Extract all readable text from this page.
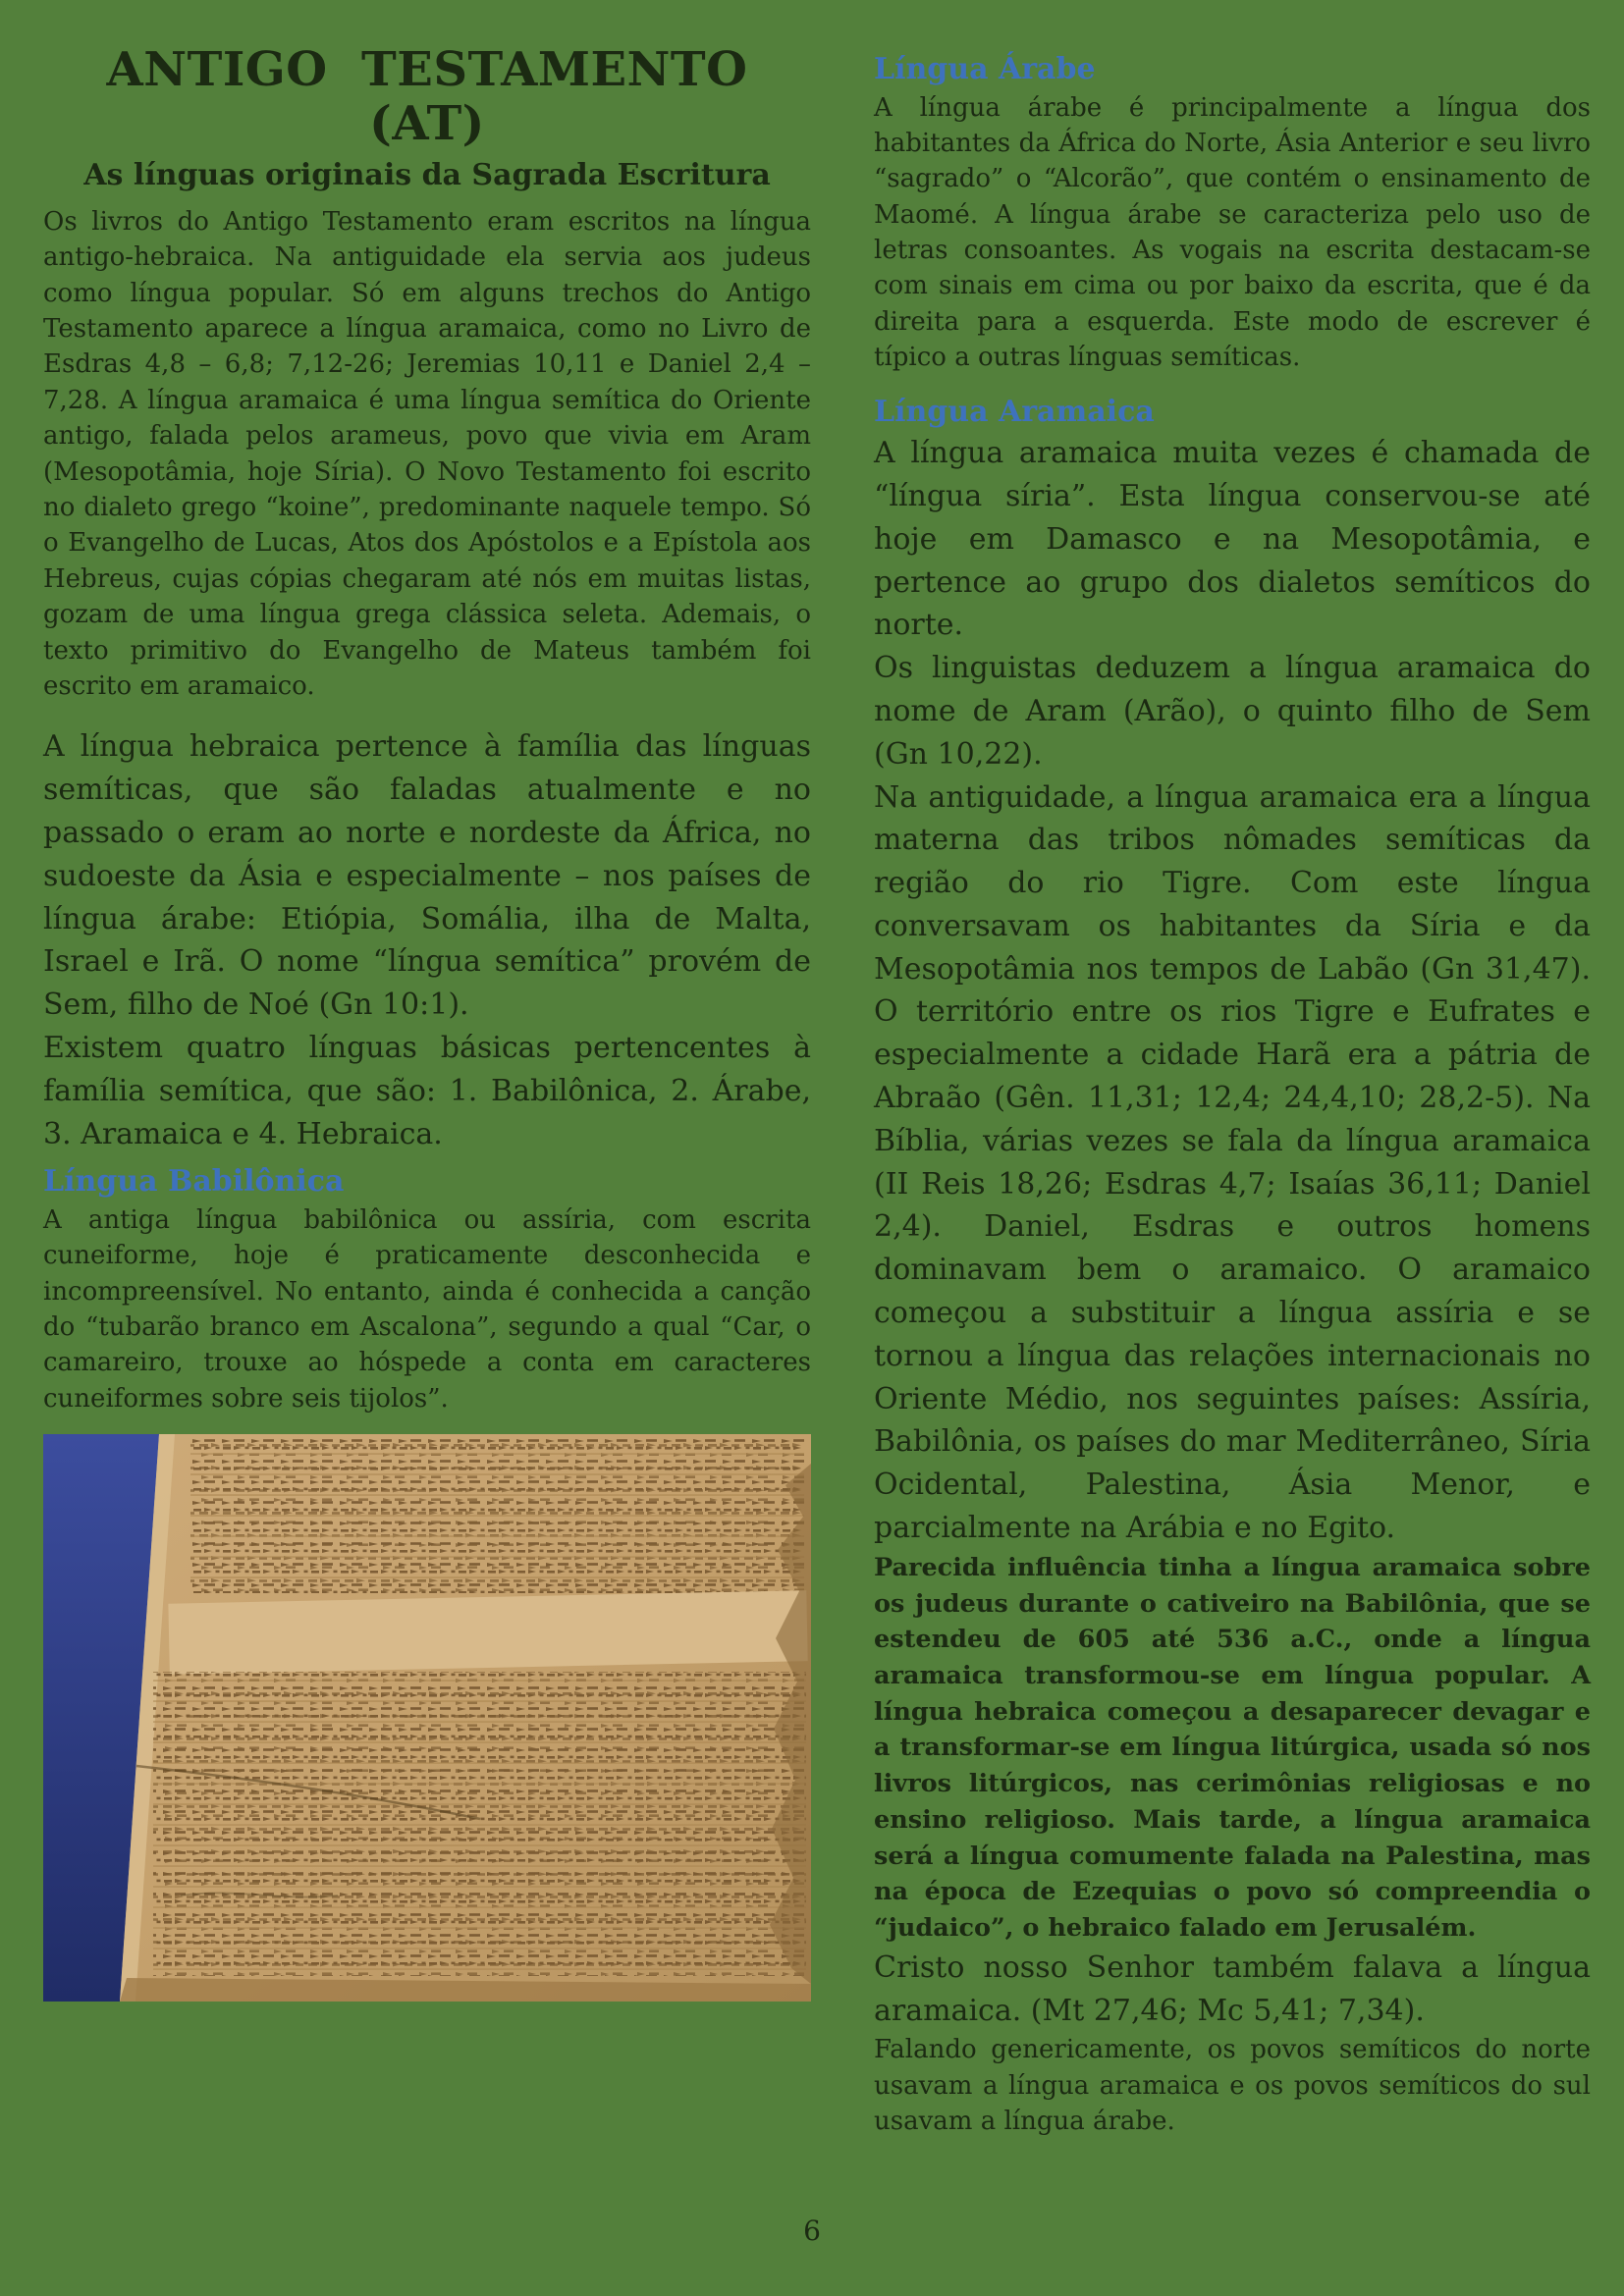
ANTIGO  TESTAMENTO (AT)
As línguas originais da Sagrada Escritura

Os livros do Antigo Testamento eram escritos na língua antigo-hebraica. Na antiguidade ela servia aos judeus como língua popular. Só em alguns trechos do Antigo Testamento aparece a língua aramaica, como no Livro de Esdras 4,8 – 6,8; 7,12-26; Jeremias 10,11 e Daniel 2,4 – 7,28. A língua aramaica é uma língua semítica do Oriente antigo, falada pelos arameus, povo que vivia em Aram (Mesopotâmia, hoje Síria). O Novo Testamento foi escrito no dialeto grego “koine”, predominante naquele tempo. Só o Evangelho de Lucas, Atos dos Apóstolos e a Epístola aos Hebreus, cujas cópias chegaram até nós em muitas listas, gozam de uma língua grega clássica seleta. Ademais, o texto primitivo do Evangelho de Mateus também foi escrito em aramaico.

A língua hebraica pertence à família das línguas semíticas, que são faladas atualmente e no passado o eram ao norte e nordeste da África, no sudoeste da Ásia e especialmente – nos países de língua árabe: Etiópia, Somália, ilha de Malta, Israel e Irã. O nome “língua semítica” provém de Sem, filho de Noé (Gn 10:1).

Existem quatro línguas básicas pertencentes à família semítica, que são: 1. Babilônica, 2. Árabe, 3. Aramaica e 4. Hebraica.

Língua Babilônica

A antiga língua babilônica ou assíria, com escrita cuneiforme, hoje é praticamente desconhecida e incompreensível. No entanto, ainda é conhecida a canção do “tubarão branco em Ascalona”, segundo a qual “Car, o camareiro, trouxe ao hóspede a conta em caracteres cuneiformes sobre seis tijolos”.

Língua Árabe

A língua árabe é principalmente a língua dos habitantes da África do Norte, Ásia Anterior e seu livro “sagrado” o “Alcorão”, que contém o ensinamento de Maomé. A língua árabe se caracteriza pelo uso de letras consoantes. As vogais na escrita destacam-se com sinais em cima ou por baixo da escrita, que é da direita para a esquerda. Este modo de escrever é típico a outras línguas semíticas.

Língua Aramaica

A língua aramaica muita vezes é chamada de “língua síria”. Esta língua conservou-se até hoje em Damasco e na Mesopotâmia, e pertence ao grupo dos dialetos semíticos do norte.

Os linguistas deduzem a língua aramaica do nome de Aram (Arão), o quinto filho de Sem (Gn 10,22).

Na antiguidade, a língua aramaica era a língua materna das tribos nômades semíticas da região do rio Tigre. Com este língua conversavam os habitantes da Síria e da Mesopotâmia nos tempos de Labão (Gn 31,47). O território entre os rios Tigre e Eufrates e especialmente a cidade Harã era a pátria de Abraão (Gên. 11,31; 12,4; 24,4,10; 28,2-5). Na Bíblia, várias vezes se fala da língua aramaica (II Reis 18,26; Esdras 4,7; Isaías 36,11; Daniel 2,4). Daniel, Esdras e outros homens dominavam bem o aramaico. O aramaico começou a substituir a língua assíria e se tornou a língua das relações internacionais no Oriente Médio, nos seguintes países: Assíria, Babilônia, os países do mar Mediterrâneo, Síria Ocidental, Palestina, Ásia Menor, e parcialmente na Arábia e no Egito.

Parecida influência tinha a língua aramaica sobre os judeus durante o cativeiro na Babilônia, que se estendeu de 605 até 536 a.C., onde a língua aramaica transformou-se em língua popular. A língua hebraica começou a desaparecer devagar e a transformar-se em língua litúrgica, usada só nos livros litúrgicos, nas cerimônias religiosas e no ensino religioso. Mais tarde, a língua aramaica será a língua comumente falada na Palestina, mas na época de Ezequias o povo só compreendia o “judaico”, o hebraico falado em Jerusalém.

Cristo nosso Senhor também falava a língua aramaica. (Mt 27,46; Mc 5,41; 7,34).

Falando genericamente, os povos semíticos do norte usavam a língua aramaica e os povos semíticos do sul usavam a língua árabe.

6
